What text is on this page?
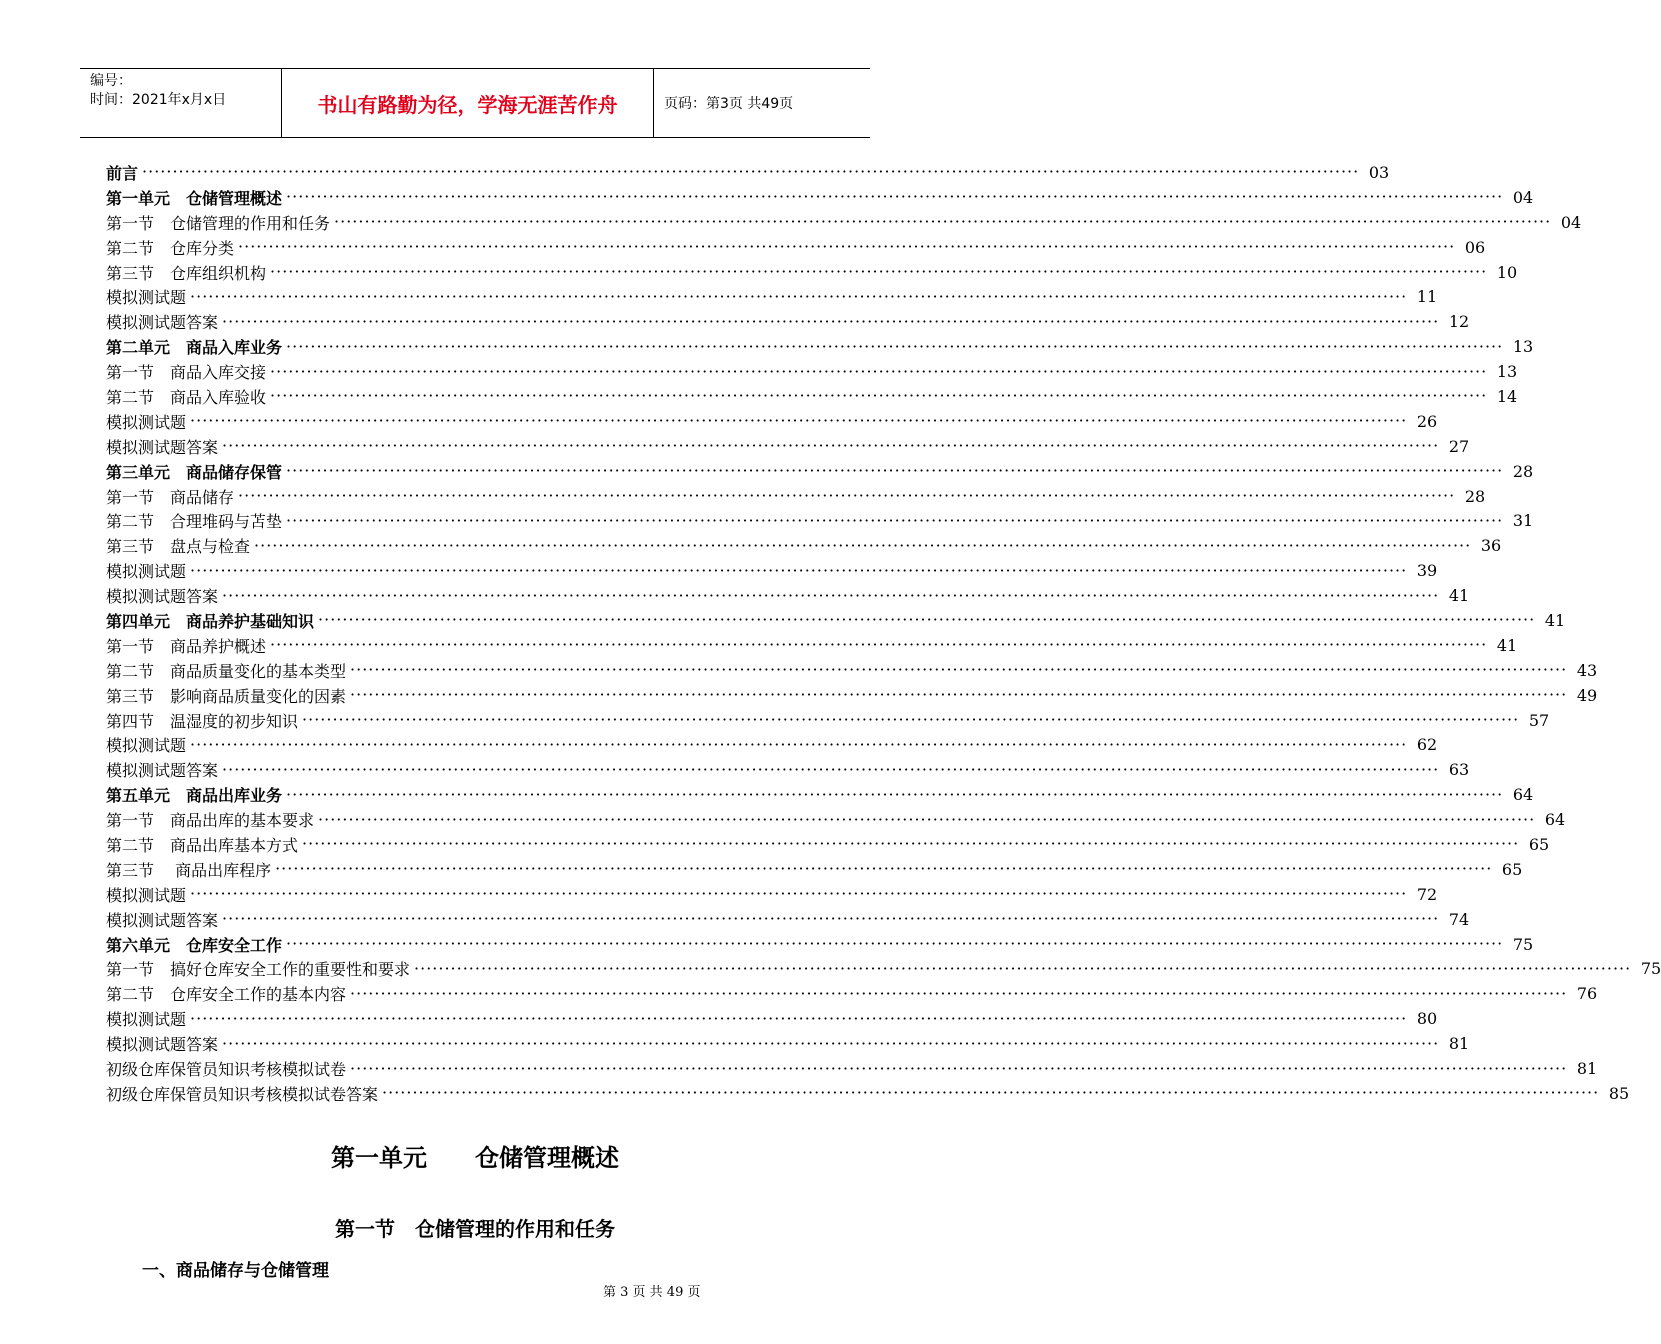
编号：
时间：2021年x月x日	书山有路勤为径，学海无涯苦作舟	页码：第3页 共49页
前言 ········································································································································································································ 03
第一单元　仓储管理概述 ········································································································································································································ 04
第一节　仓储管理的作用和任务 ········································································································································································································ 04
第二节　仓库分类 ········································································································································································································ 06
第三节　仓库组织机构 ········································································································································································································ 10
模拟测试题 ········································································································································································································ 11
模拟测试题答案 ········································································································································································································ 12
第二单元　商品入库业务 ········································································································································································································ 13
第一节　商品入库交接 ········································································································································································································ 13
第二节　商品入库验收 ········································································································································································································ 14
模拟测试题 ········································································································································································································ 26
模拟测试题答案 ········································································································································································································ 27
第三单元　商品储存保管 ········································································································································································································ 28
第一节　商品储存 ········································································································································································································ 28
第二节　合理堆码与苫垫 ········································································································································································································ 31
第三节　盘点与检查 ········································································································································································································ 36
模拟测试题 ········································································································································································································ 39
模拟测试题答案 ········································································································································································································ 41
第四单元　商品养护基础知识 ········································································································································································································ 41
第一节　商品养护概述 ········································································································································································································ 41
第二节　商品质量变化的基本类型 ········································································································································································································ 43
第三节　影响商品质量变化的因素 ········································································································································································································ 49
第四节　温湿度的初步知识 ········································································································································································································ 57
模拟测试题 ········································································································································································································ 62
模拟测试题答案 ········································································································································································································ 63
第五单元　商品出库业务 ········································································································································································································ 64
第一节　商品出库的基本要求 ········································································································································································································ 64
第二节　商品出库基本方式 ········································································································································································································ 65
第三节　 商品出库程序 ········································································································································································································ 65
模拟测试题 ········································································································································································································ 72
模拟测试题答案 ········································································································································································································ 74
第六单元　仓库安全工作 ········································································································································································································ 75
第一节　搞好仓库安全工作的重要性和要求 ········································································································································································································ 75
第二节　仓库安全工作的基本内容 ········································································································································································································ 76
模拟测试题 ········································································································································································································ 80
模拟测试题答案 ········································································································································································································ 81
初级仓库保管员知识考核模拟试卷 ········································································································································································································ 81
初级仓库保管员知识考核模拟试卷答案 ········································································································································································································ 85
第一单元　　仓储管理概述
第一节　仓储管理的作用和任务
一、商品储存与仓储管理
第 3 页 共 49 页
